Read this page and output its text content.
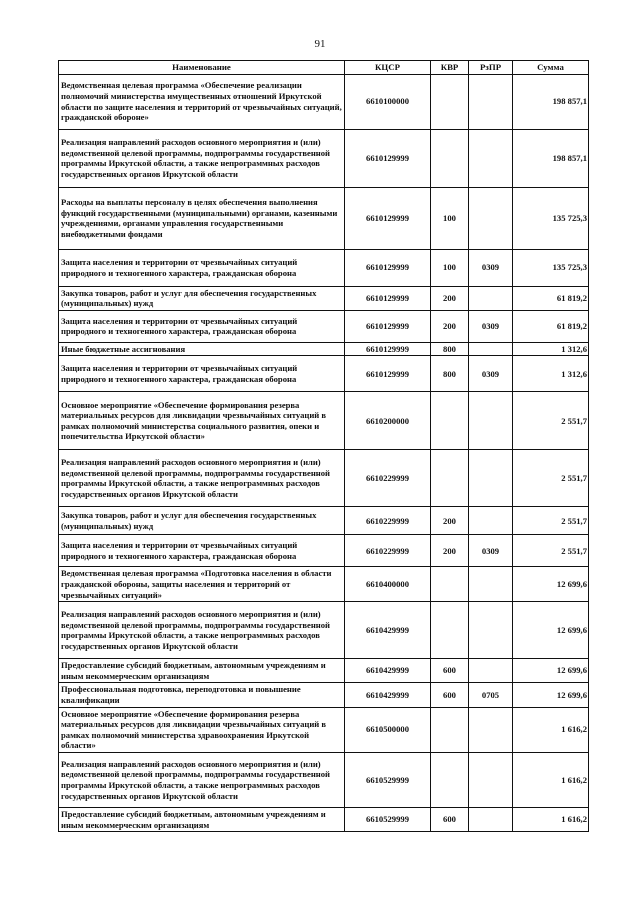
91
Наименование	КЦСР	КВР	РзПР	Сумма
Ведомственная целевая программа «Обеспечение реализации полномочий министерства имущественных отношений Иркутской области по защите населения и территорий от чрезвычайных ситуаций, гражданской обороне»	6610100000			198 857,1
Реализация направлений расходов основного мероприятия и (или) ведомственной целевой программы, подпрограммы государственной программы Иркутской области, а также непрограммных расходов государственных органов Иркутской области	6610129999			198 857,1
Расходы на выплаты персоналу в целях обеспечения выполнения функций государственными (муниципальными) органами, казенными учреждениями, органами управления государственными внебюджетными фондами	6610129999	100		135 725,3
Защита населения и территории от чрезвычайных ситуаций природного и техногенного характера, гражданская оборона	6610129999	100	0309	135 725,3
Закупка товаров, работ и услуг для обеспечения государственных (муниципальных) нужд	6610129999	200		61 819,2
Защита населения и территории от чрезвычайных ситуаций природного и техногенного характера, гражданская оборона	6610129999	200	0309	61 819,2
Иные бюджетные ассигнования	6610129999	800		1 312,6
Защита населения и территории от чрезвычайных ситуаций природного и техногенного характера, гражданская оборона	6610129999	800	0309	1 312,6
Основное мероприятие «Обеспечение формирования резерва материальных ресурсов для ликвидации чрезвычайных ситуаций в рамках полномочий министерства социального развития, опеки и попечительства Иркутской области»	6610200000			2 551,7
Реализация направлений расходов основного мероприятия и (или) ведомственной целевой программы, подпрограммы государственной программы Иркутской области, а также непрограммных расходов государственных органов Иркутской области	6610229999			2 551,7
Закупка товаров, работ и услуг для обеспечения государственных (муниципальных) нужд	6610229999	200		2 551,7
Защита населения и территории от чрезвычайных ситуаций природного и техногенного характера, гражданская оборона	6610229999	200	0309	2 551,7
Ведомственная целевая программа «Подготовка населения в области гражданской обороны, защиты населения и территорий от чрезвычайных ситуаций»	6610400000			12 699,6
Реализация направлений расходов основного мероприятия и (или) ведомственной целевой программы, подпрограммы государственной программы Иркутской области, а также непрограммных расходов государственных органов Иркутской области	6610429999			12 699,6
Предоставление субсидий бюджетным, автономным учреждениям и иным некоммерческим организациям	6610429999	600		12 699,6
Профессиональная подготовка, переподготовка и повышение квалификации	6610429999	600	0705	12 699,6
Основное мероприятие «Обеспечение формирования резерва материальных ресурсов для ликвидации чрезвычайных ситуаций в рамках полномочий министерства здравоохранения Иркутской области»	6610500000			1 616,2
Реализация направлений расходов основного мероприятия и (или) ведомственной целевой программы, подпрограммы государственной программы Иркутской области, а также непрограммных расходов государственных органов Иркутской области	6610529999			1 616,2
Предоставление субсидий бюджетным, автономным учреждениям и иным некоммерческим организациям	6610529999	600		1 616,2
